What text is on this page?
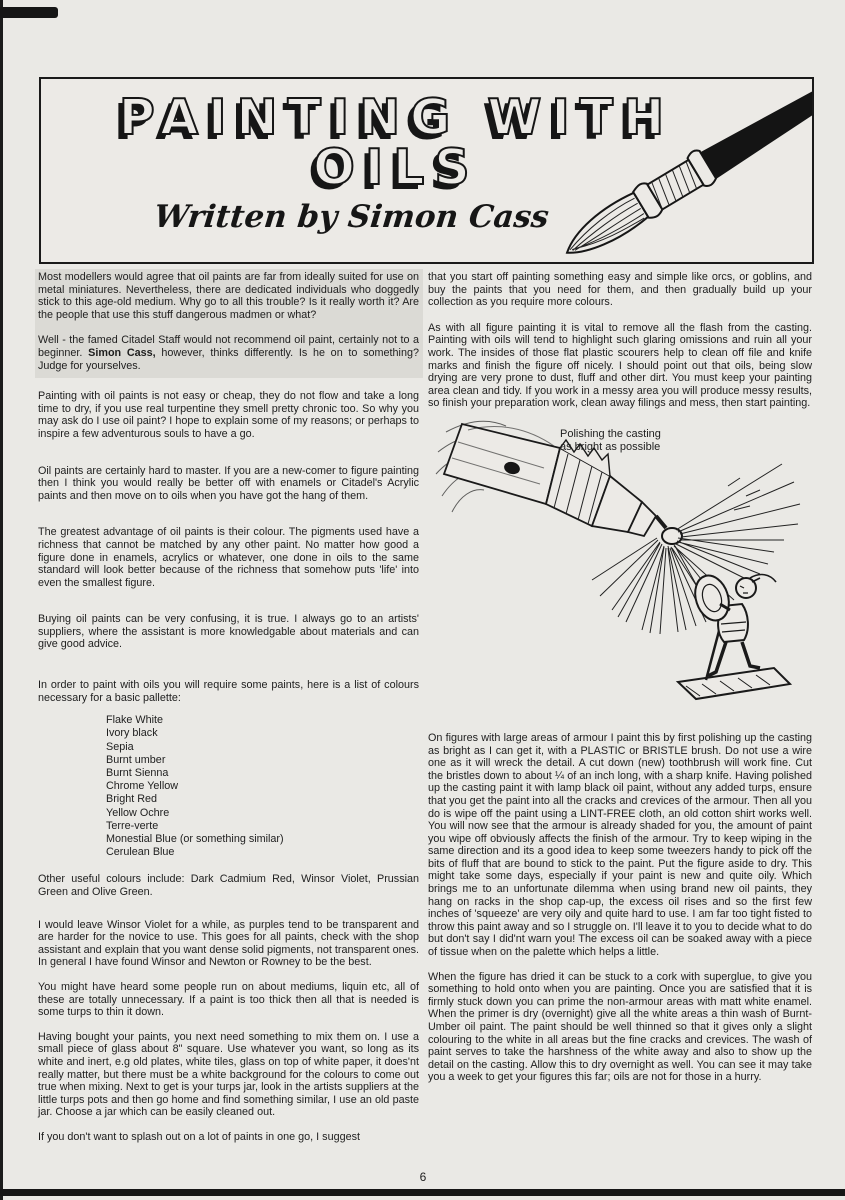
PAINTING WITH
OILS
Written by Simon Cass

Most modellers would agree that oil paints are far from ideally suited for use on metal miniatures. Nevertheless, there are dedicated individuals who doggedly stick to this age-old medium. Why go to all this trouble? Is it really worth it? Are the people that use this stuff dangerous madmen or what?

Well - the famed Citadel Staff would not recommend oil paint, certainly not to a beginner. Simon Cass, however, thinks differently. Is he on to something? Judge for yourselves.

Painting with oil paints is not easy or cheap, they do not flow and take a long time to dry, if you use real turpentine they smell pretty chronic too. So why you may ask do I use oil paint? I hope to explain some of my reasons; or perhaps to inspire a few adventurous souls to have a go.

Oil paints are certainly hard to master. If you are a new-comer to figure painting then I think you would really be better off with enamels or Citadel's Acrylic paints and then move on to oils when you have got the hang of them.

The greatest advantage of oil paints is their colour. The pigments used have a richness that cannot be matched by any other paint. No matter how good a figure done in enamels, acrylics or whatever, one done in oils to the same standard will look better because of the richness that somehow puts 'life' into even the smallest figure.

Buying oil paints can be very confusing, it is true. I always go to an artists' suppliers, where the assistant is more knowledgable about materials and can give good advice.

In order to paint with oils you will require some paints, here is a list of colours necessary for a basic pallette:

Flake White
Ivory black
Sepia
Burnt umber
Burnt Sienna
Chrome Yellow
Bright Red
Yellow Ochre
Terre-verte
Monestial Blue (or something similar)
Cerulean Blue

Other useful colours include: Dark Cadmium Red, Winsor Violet, Prussian Green and Olive Green.

I would leave Winsor Violet for a while, as purples tend to be transparent and are harder for the novice to use. This goes for all paints, check with the shop assistant and explain that you want dense solid pigments, not transparent ones. In general I have found Winsor and Newton or Rowney to be the best.

You might have heard some people run on about mediums, liquin etc, all of these are totally unnecessary. If a paint is too thick then all that is needed is some turps to thin it down.

Having bought your paints, you next need something to mix them on. I use a small piece of glass about 8" square. Use whatever you want, so long as its white and inert, e.g old plates, white tiles, glass on top of white paper, it does'nt really matter, but there must be a white background for the colours to come out true when mixing. Next to get is your turps jar, look in the artists suppliers at the little turps pots and then go home and find something similar, I use an old paste jar. Choose a jar which can be easily cleaned out.

If you don't want to splash out on a lot of paints in one go, I suggest

that you start off painting something easy and simple like orcs, or goblins, and buy the paints that you need for them, and then gradually build up your collection as you require more colours.

As with all figure painting it is vital to remove all the flash from the casting. Painting with oils will tend to highlight such glaring omissions and ruin all your work. The insides of those flat plastic scourers help to clean off file and knife marks and finish the figure off nicely. I should point out that oils, being slow drying are very prone to dust, fluff and other dirt. You must keep your painting area clean and tidy. If you work in a messy area you will produce messy results, so finish your preparation work, clean away filings and mess, then start painting.

Polishing the casting
as bright as possible

On figures with large areas of armour I paint this by first polishing up the casting as bright as I can get it, with a PLASTIC or BRISTLE brush. Do not use a wire one as it will wreck the detail. A cut down (new) toothbrush will work fine. Cut the bristles down to about ¼ of an inch long, with a sharp knife. Having polished up the casting paint it with lamp black oil paint, without any added turps, ensure that you get the paint into all the cracks and crevices of the armour. Then all you do is wipe off the paint using a LINT-FREE cloth, an old cotton shirt works well. You will now see that the armour is already shaded for you, the amount of paint you wipe off obviously affects the finish of the armour. Try to keep wiping in the same direction and its a good idea to keep some tweezers handy to pick off the bits of fluff that are bound to stick to the paint. Put the figure aside to dry. This might take some days, especially if your paint is new and quite oily. Which brings me to an unfortunate dilemma when using brand new oil paints, they hang on racks in the shop cap-up, the excess oil rises and so the first few inches of 'squeeze' are very oily and quite hard to use. I am far too tight fisted to throw this paint away and so I struggle on. I'll leave it to you to decide what to do but don't say I did'nt warn you! The excess oil can be soaked away with a piece of tissue when on the palette which helps a little.

When the figure has dried it can be stuck to a cork with superglue, to give you something to hold onto when you are painting. Once you are satisfied that it is firmly stuck down you can prime the non-armour areas with matt white enamel. When the primer is dry (overnight) give all the white areas a thin wash of Burnt-Umber oil paint. The paint should be well thinned so that it gives only a slight colouring to the white in all areas but the fine cracks and crevices. The wash of paint serves to take the harshness of the white away and also to show up the detail on the casting. Allow this to dry overnight as well. You can see it may take you a week to get your figures this far; oils are not for those in a hurry.

6
